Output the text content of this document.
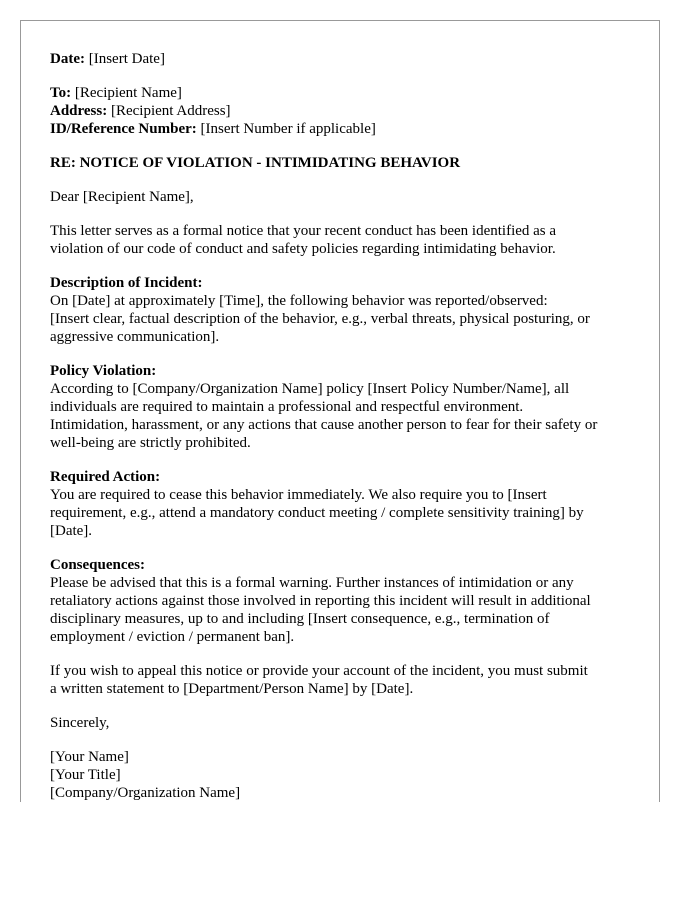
Date: [Insert Date]
To: [Recipient Name]
Address: [Recipient Address]
ID/Reference Number: [Insert Number if applicable]
RE: NOTICE OF VIOLATION - INTIMIDATING BEHAVIOR
Dear [Recipient Name],
This letter serves as a formal notice that your recent conduct has been identified as a
violation of our code of conduct and safety policies regarding intimidating behavior.
Description of Incident:
On [Date] at approximately [Time], the following behavior was reported/observed:
[Insert clear, factual description of the behavior, e.g., verbal threats, physical posturing, or
aggressive communication].
Policy Violation:
According to [Company/Organization Name] policy [Insert Policy Number/Name], all
individuals are required to maintain a professional and respectful environment.
Intimidation, harassment, or any actions that cause another person to fear for their safety or
well-being are strictly prohibited.
Required Action:
You are required to cease this behavior immediately. We also require you to [Insert
requirement, e.g., attend a mandatory conduct meeting / complete sensitivity training] by
[Date].
Consequences:
Please be advised that this is a formal warning. Further instances of intimidation or any
retaliatory actions against those involved in reporting this incident will result in additional
disciplinary measures, up to and including [Insert consequence, e.g., termination of
employment / eviction / permanent ban].
If you wish to appeal this notice or provide your account of the incident, you must submit
a written statement to [Department/Person Name] by [Date].
Sincerely,
[Your Name]
[Your Title]
[Company/Organization Name]
